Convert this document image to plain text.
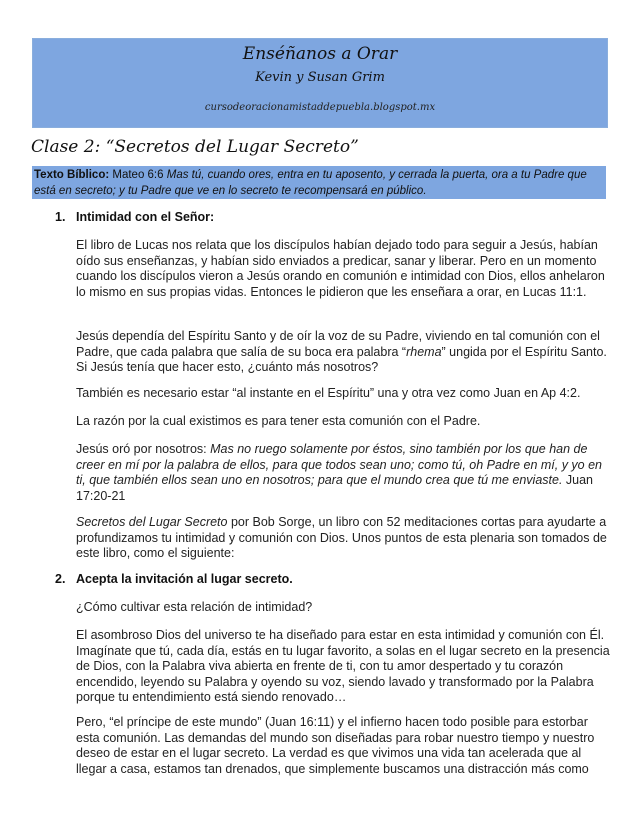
Enséñanos a Orar
Kevin y Susan Grim
cursodeoracionamistaddepuebla.blogspot.mx
Clase 2: “Secretos del Lugar Secreto”
Texto Bíblico: Mateo 6:6 Mas tú, cuando ores, entra en tu aposento, y cerrada la puerta, ora a tu Padre que está en secreto; y tu Padre que ve en lo secreto te recompensará en público.
1. Intimidad con el Señor:
El libro de Lucas nos relata que los discípulos habían dejado todo para seguir a Jesús, habían oído sus enseñanzas, y habían sido enviados a predicar, sanar y liberar. Pero en un momento cuando los discípulos vieron a Jesús orando en comunión e intimidad con Dios, ellos anhelaron lo mismo en sus propias vidas. Entonces le pidieron que les enseñara a orar, en Lucas 11:1.
Jesús dependía del Espíritu Santo y de oír la voz de su Padre, viviendo en tal comunión con el Padre, que cada palabra que salía de su boca era palabra “rhema” ungida por el Espíritu Santo. Si Jesús tenía que hacer esto, ¿cuánto más nosotros?
También es necesario estar “al instante en el Espíritu” una y otra vez como Juan en Ap 4:2.
La razón por la cual existimos es para tener esta comunión con el Padre.
Jesús oró por nosotros: Mas no ruego solamente por éstos, sino también por los que han de creer en mí por la palabra de ellos, para que todos sean uno; como tú, oh Padre en mí, y yo en ti, que también ellos sean uno en nosotros; para que el mundo crea que tú me enviaste. Juan 17:20-21
Secretos del Lugar Secreto por Bob Sorge, un libro con 52 meditaciones cortas para ayudarte a profundizamos tu intimidad y comunión con Dios. Unos puntos de esta plenaria son tomados de este libro, como el siguiente:
2. Acepta la invitación al lugar secreto.
¿Cómo cultivar esta relación de intimidad?
El asombroso Dios del universo te ha diseñado para estar en esta intimidad y comunión con Él. Imagínate que tú, cada día, estás en tu lugar favorito, a solas en el lugar secreto en la presencia de Dios, con la Palabra viva abierta en frente de ti, con tu amor despertado y tu corazón encendido, leyendo su Palabra y oyendo su voz, siendo lavado y transformado por la Palabra porque tu entendimiento está siendo renovado…
Pero, “el príncipe de este mundo” (Juan 16:11) y el infierno hacen todo posible para estorbar esta comunión. Las demandas del mundo son diseñadas para robar nuestro tiempo y nuestro deseo de estar en el lugar secreto. La verdad es que vivimos una vida tan acelerada que al llegar a casa, estamos tan drenados, que simplemente buscamos una distracción más como
